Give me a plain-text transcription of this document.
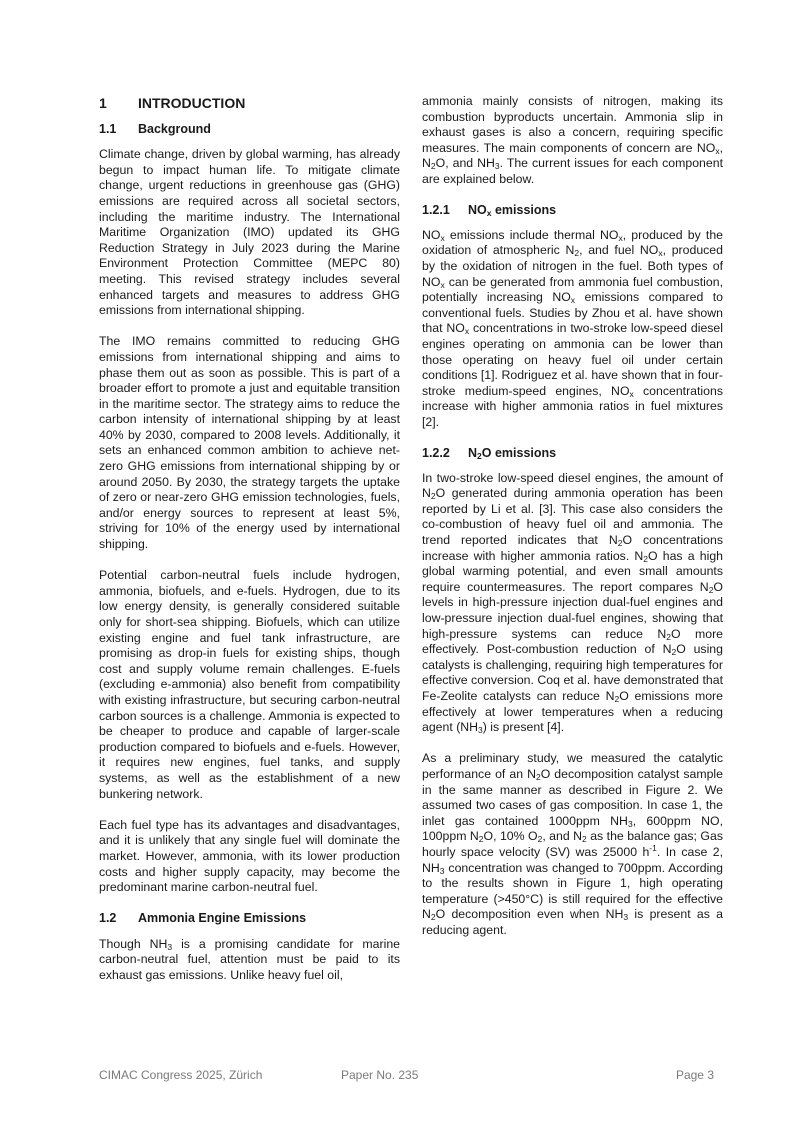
1 INTRODUCTION
1.1 Background

Climate change, driven by global warming, has already begun to impact human life. To mitigate climate change, urgent reductions in greenhouse gas (GHG) emissions are required across all societal sectors, including the maritime industry. The International Maritime Organization (IMO) updated its GHG Reduction Strategy in July 2023 during the Marine Environment Protection Committee (MEPC 80) meeting. This revised strategy includes several enhanced targets and measures to address GHG emissions from international shipping.

The IMO remains committed to reducing GHG emissions from international shipping and aims to phase them out as soon as possible. This is part of a broader effort to promote a just and equitable transition in the maritime sector. The strategy aims to reduce the carbon intensity of international shipping by at least 40% by 2030, compared to 2008 levels. Additionally, it sets an enhanced common ambition to achieve net-zero GHG emissions from international shipping by or around 2050. By 2030, the strategy targets the uptake of zero or near-zero GHG emission technologies, fuels, and/or energy sources to represent at least 5%, striving for 10% of the energy used by international shipping.

Potential carbon-neutral fuels include hydrogen, ammonia, biofuels, and e-fuels. Hydrogen, due to its low energy density, is generally considered suitable only for short-sea shipping. Biofuels, which can utilize existing engine and fuel tank infrastructure, are promising as drop-in fuels for existing ships, though cost and supply volume remain challenges. E-fuels (excluding e-ammonia) also benefit from compatibility with existing infrastructure, but securing carbon-neutral carbon sources is a challenge. Ammonia is expected to be cheaper to produce and capable of larger-scale production compared to biofuels and e-fuels. However, it requires new engines, fuel tanks, and supply systems, as well as the establishment of a new bunkering network.

Each fuel type has its advantages and disadvantages, and it is unlikely that any single fuel will dominate the market. However, ammonia, with its lower production costs and higher supply capacity, may become the predominant marine carbon-neutral fuel.

1.2 Ammonia Engine Emissions

Though $NH_3$ is a promising candidate for marine carbon-neutral fuel, attention must be paid to its exhaust gas emissions. Unlike heavy fuel oil,

ammonia mainly consists of nitrogen, making its combustion byproducts uncertain. Ammonia slip in exhaust gases is also a concern, requiring specific measures. The main components of concern are $NO_x$, $N_2O$, and $NH_3$. The current issues for each component are explained below.

1.2.1 $NO_x$ emissions

$NO_x$ emissions include thermal $NO_x$, produced by the oxidation of atmospheric $N_2$, and fuel $NO_x$, produced by the oxidation of nitrogen in the fuel. Both types of $NO_x$ can be generated from ammonia fuel combustion, potentially increasing $NO_x$ emissions compared to conventional fuels. Studies by Zhou et al. have shown that $NO_x$ concentrations in two-stroke low-speed diesel engines operating on ammonia can be lower than those operating on heavy fuel oil under certain conditions [1]. Rodriguez et al. have shown that in four-stroke medium-speed engines, $NO_x$ concentrations increase with higher ammonia ratios in fuel mixtures [2].

1.2.2 $N_2O$ emissions

In two-stroke low-speed diesel engines, the amount of $N_2O$ generated during ammonia operation has been reported by Li et al. [3]. This case also considers the co-combustion of heavy fuel oil and ammonia. The trend reported indicates that $N_2O$ concentrations increase with higher ammonia ratios. $N_2O$ has a high global warming potential, and even small amounts require countermeasures. The report compares $N_2O$ levels in high-pressure injection dual-fuel engines and low-pressure injection dual-fuel engines, showing that high-pressure systems can reduce $N_2O$ more effectively. Post-combustion reduction of $N_2O$ using catalysts is challenging, requiring high temperatures for effective conversion. Coq et al. have demonstrated that Fe-Zeolite catalysts can reduce $N_2O$ emissions more effectively at lower temperatures when a reducing agent $(NH_3)$ is present [4].

As a preliminary study, we measured the catalytic performance of an $N_2O$ decomposition catalyst sample in the same manner as described in Figure 2. We assumed two cases of gas composition. In case 1, the inlet gas contained 1000ppm $NH_3$, 600ppm NO, 100ppm $N_2O$, 10% $O_2$, and $N_2$ as the balance gas; Gas hourly space velocity (SV) was 25000 $h^{-1}$. In case 2, $NH_3$ concentration was changed to 700ppm. According to the results shown in Figure 1, high operating temperature (>450°C) is still required for the effective $N_2O$ decomposition even when $NH_3$ is present as a reducing agent.

CIMAC Congress 2025, Zürich	Paper No. 235	Page 3
